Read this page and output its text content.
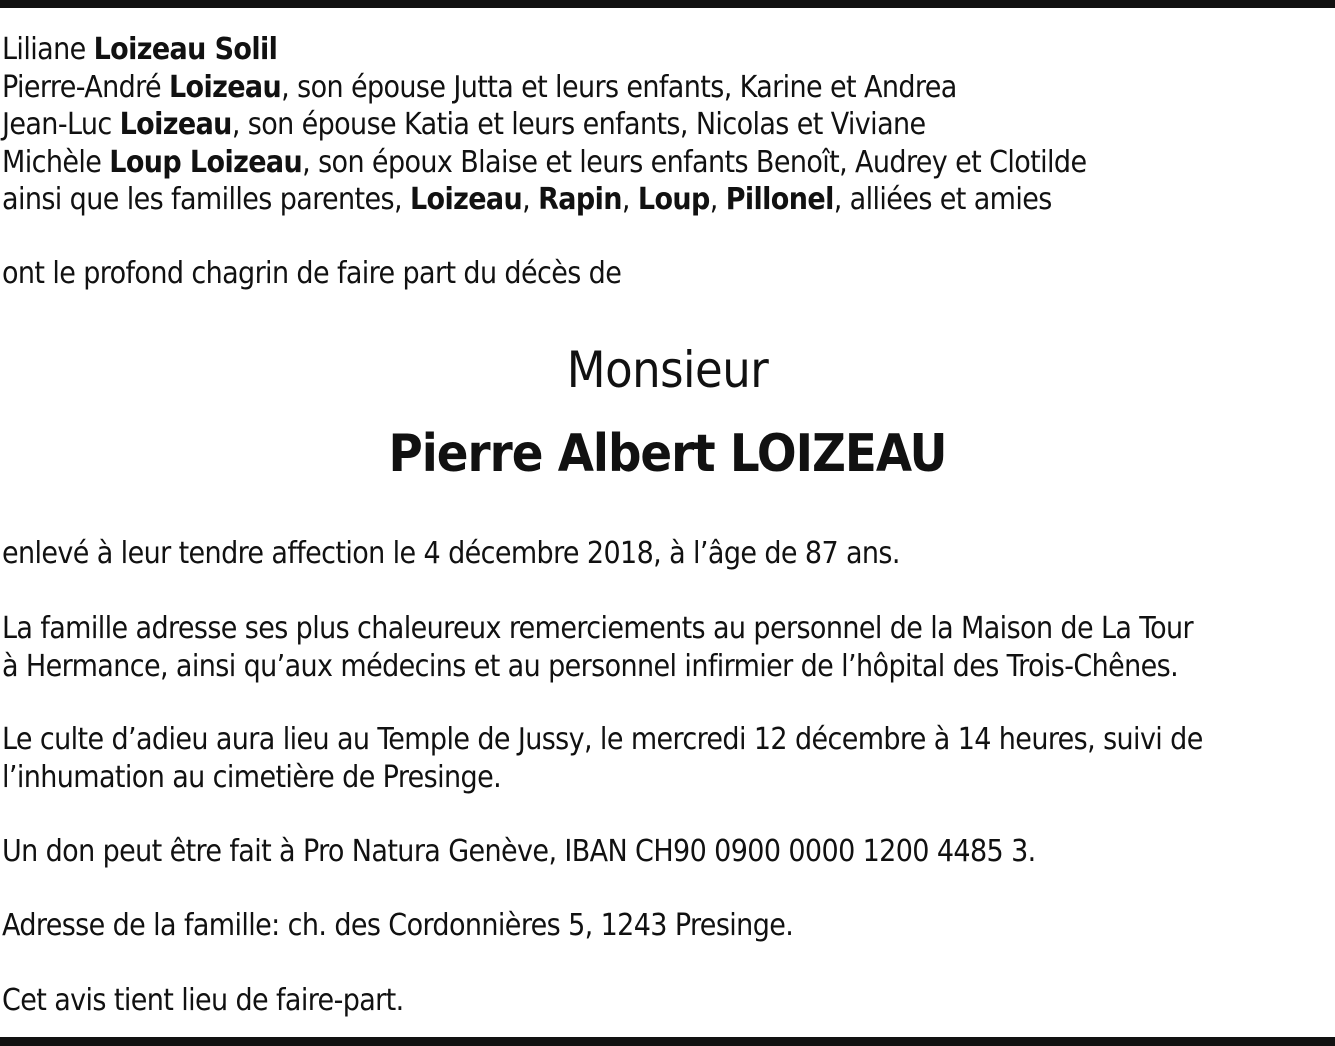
Liliane Loizeau Solil
Pierre-André Loizeau, son épouse Jutta et leurs enfants, Karine et Andrea
Jean-Luc Loizeau, son épouse Katia et leurs enfants, Nicolas et Viviane
Michèle Loup Loizeau, son époux Blaise et leurs enfants Benoît, Audrey et Clotilde
ainsi que les familles parentes, Loizeau, Rapin, Loup, Pillonel, alliées et amies
ont le profond chagrin de faire part du décès de
Monsieur
Pierre Albert LOIZEAU
enlevé à leur tendre affection le 4 décembre 2018, à l’âge de 87 ans.
La famille adresse ses plus chaleureux remerciements au personnel de la Maison de La Tour
à Hermance, ainsi qu’aux médecins et au personnel infirmier de l’hôpital des Trois-Chênes.
Le culte d’adieu aura lieu au Temple de Jussy, le mercredi 12 décembre à 14 heures, suivi de
l’inhumation au cimetière de Presinge.
Un don peut être fait à Pro Natura Genève, IBAN CH90 0900 0000 1200 4485 3.
Adresse de la famille: ch. des Cordonnières 5, 1243 Presinge.
Cet avis tient lieu de faire-part.
